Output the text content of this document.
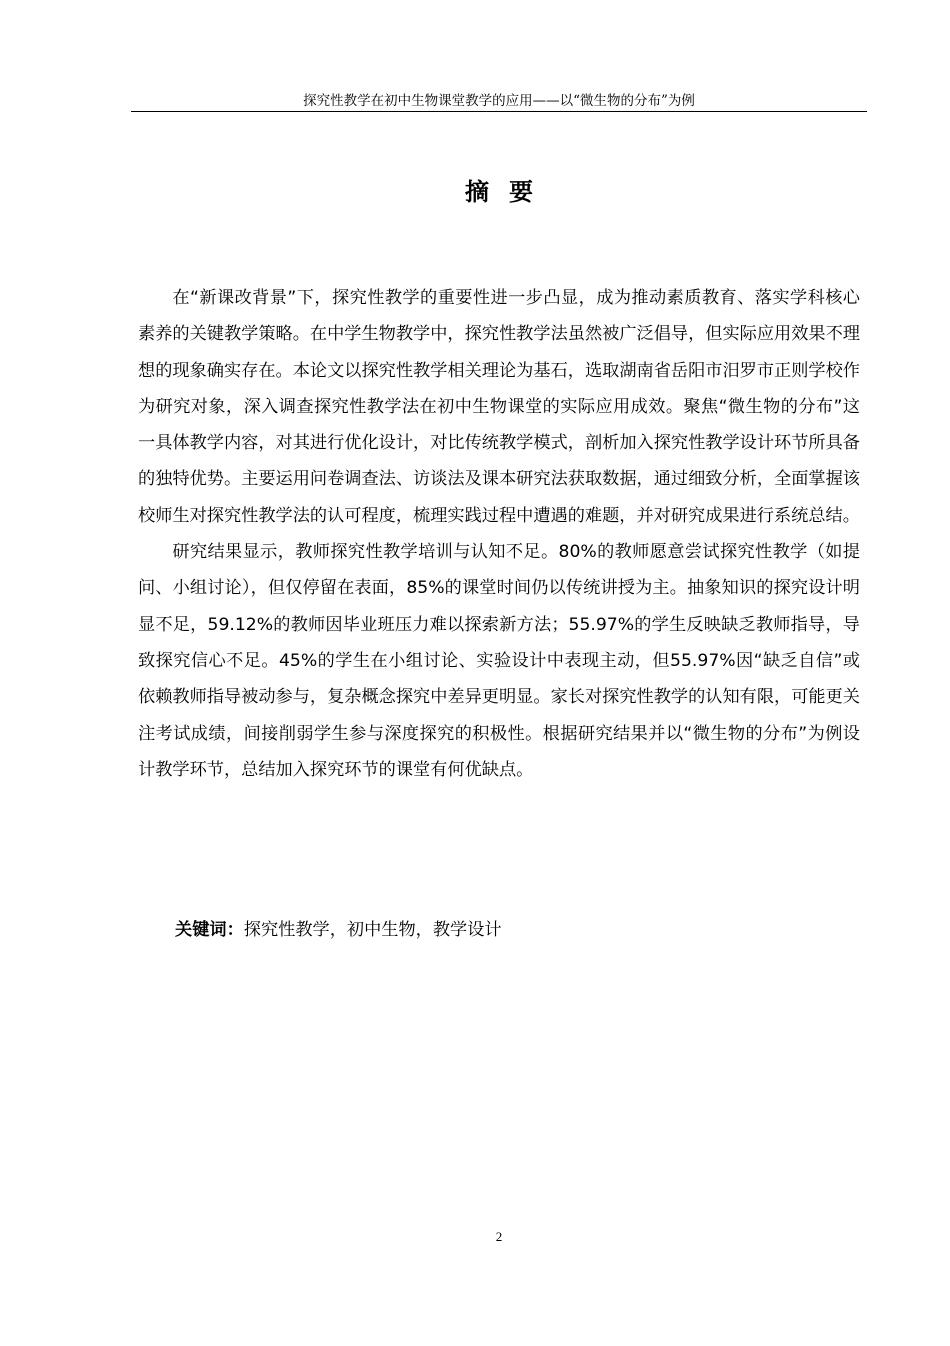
探究性教学在初中生物课堂教学的应用——以“微生物的分布”为例
摘要

在“新课改背景”下，探究性教学的重要性进一步凸显，成为推动素质教育、落实学科核心素养的关键教学策略。在中学生物教学中，探究性教学法虽然被广泛倡导，但实际应用效果不理想的现象确实存在。本论文以探究性教学相关理论为基石，选取湖南省岳阳市汨罗市正则学校作为研究对象，深入调查探究性教学法在初中生物课堂的实际应用成效。聚焦“微生物的分布”这一具体教学内容，对其进行优化设计，对比传统教学模式，剖析加入探究性教学设计环节所具备的独特优势。主要运用问卷调查法、访谈法及课本研究法获取数据，通过细致分析，全面掌握该校师生对探究性教学法的认可程度，梳理实践过程中遭遇的难题，并对研究成果进行系统总结。

研究结果显示，教师探究性教学培训与认知不足。80%的教师愿意尝试探究性教学（如提问、小组讨论），但仅停留在表面，85%的课堂时间仍以传统讲授为主。抽象知识的探究设计明显不足，59.12%的教师因毕业班压力难以探索新方法；55.97%的学生反映缺乏教师指导，导致探究信心不足。45%的学生在小组讨论、实验设计中表现主动，但55.97%因“缺乏自信”或依赖教师指导被动参与，复杂概念探究中差异更明显。家长对探究性教学的认知有限，可能更关注考试成绩，间接削弱学生参与深度探究的积极性。根据研究结果并以“微生物的分布”为例设计教学环节，总结加入探究环节的课堂有何优缺点。

关键词：探究性教学，初中生物，教学设计
2
